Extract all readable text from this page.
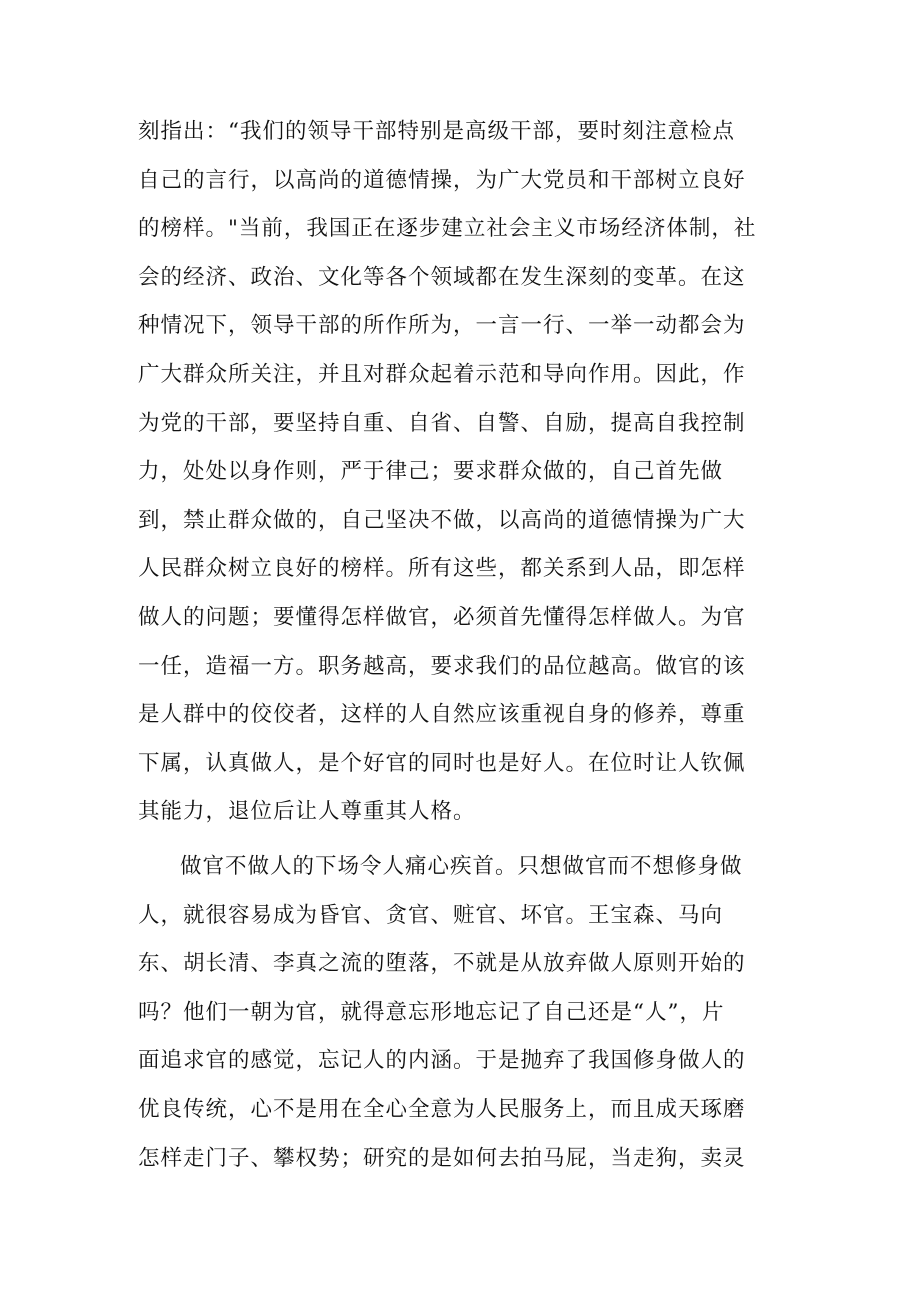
刻指出：“我们的领导干部特别是高级干部，要时刻注意检点
自己的言行，以高尚的道德情操，为广大党员和干部树立良好
的榜样。"当前，我国正在逐步建立社会主义市场经济体制，社
会的经济、政治、文化等各个领域都在发生深刻的变革。在这
种情况下，领导干部的所作所为，一言一行、一举一动都会为
广大群众所关注，并且对群众起着示范和导向作用。因此，作
为党的干部，要坚持自重、自省、自警、自励，提高自我控制
力，处处以身作则，严于律己；要求群众做的，自己首先做
到，禁止群众做的，自己坚决不做，以高尚的道德情操为广大
人民群众树立良好的榜样。所有这些，都关系到人品，即怎样
做人的问题；要懂得怎样做官，必须首先懂得怎样做人。为官
一任，造福一方。职务越高，要求我们的品位越高。做官的该
是人群中的佼佼者，这样的人自然应该重视自身的修养，尊重
下属，认真做人，是个好官的同时也是好人。在位时让人钦佩
其能力，退位后让人尊重其人格。
做官不做人的下场令人痛心疾首。只想做官而不想修身做
人，就很容易成为昏官、贪官、赃官、坏官。王宝森、马向
东、胡长清、李真之流的堕落，不就是从放弃做人原则开始的
吗？他们一朝为官，就得意忘形地忘记了自己还是“人”，片
面追求官的感觉，忘记人的内涵。于是抛弃了我国修身做人的
优良传统，心不是用在全心全意为人民服务上，而且成天琢磨
怎样走门子、攀权势；研究的是如何去拍马屁，当走狗，卖灵
